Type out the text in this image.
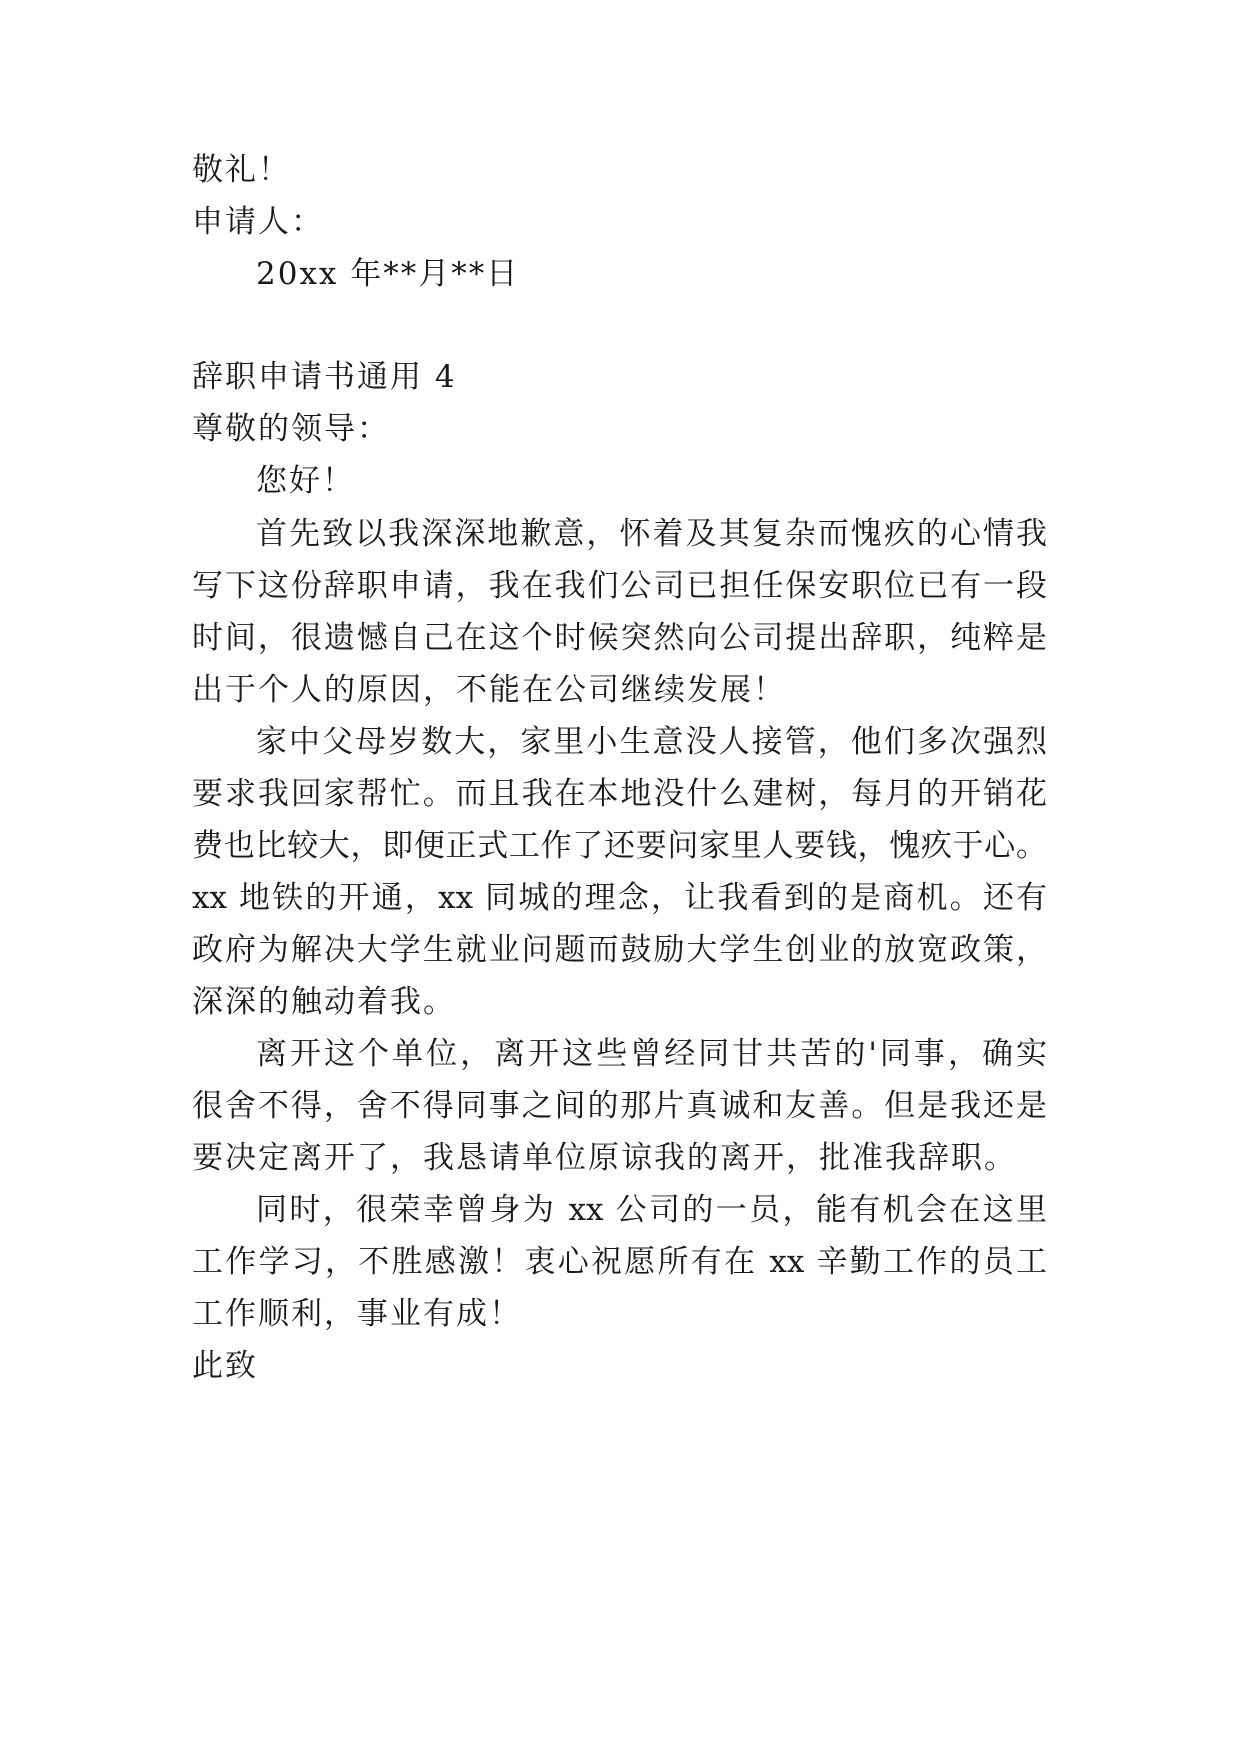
敬礼！
申请人：
20xx 年**月**日
辞职申请书通用 4
尊敬的领导：
您好！
首先致以我深深地歉意，怀着及其复杂而愧疚的心情我
写下这份辞职申请，我在我们公司已担任保安职位已有一段
时间，很遗憾自己在这个时候突然向公司提出辞职，纯粹是
出于个人的原因，不能在公司继续发展！
家中父母岁数大，家里小生意没人接管，他们多次强烈
要求我回家帮忙。而且我在本地没什么建树，每月的开销花
费也比较大，即便正式工作了还要问家里人要钱，愧疚于心。
xx 地铁的开通，xx 同城的理念，让我看到的是商机。还有
政府为解决大学生就业问题而鼓励大学生创业的放宽政策，
深深的触动着我。
离开这个单位，离开这些曾经同甘共苦的'同事，确实
很舍不得，舍不得同事之间的那片真诚和友善。但是我还是
要决定离开了，我恳请单位原谅我的离开，批准我辞职。
同时，很荣幸曾身为 xx 公司的一员，能有机会在这里
工作学习，不胜感激！衷心祝愿所有在 xx 辛勤工作的员工
工作顺利，事业有成！
此致
